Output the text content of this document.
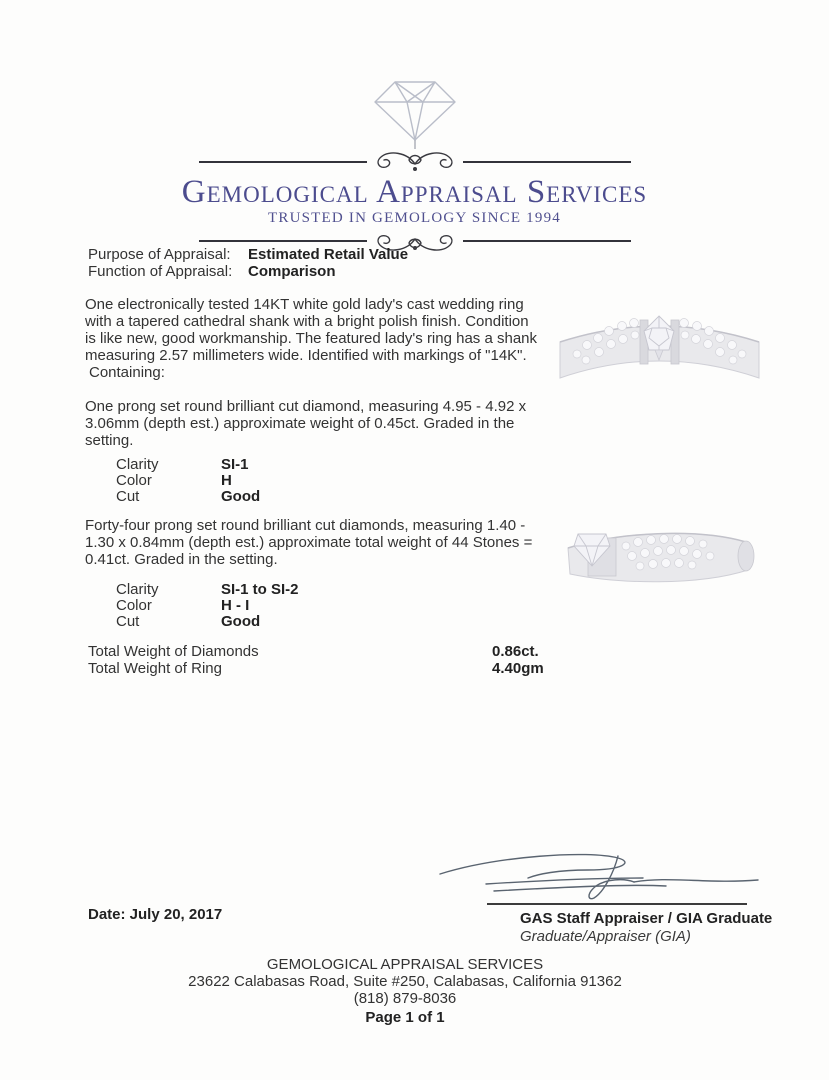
Gemological Appraisal Services
TRUSTED IN GEMOLOGY SINCE 1994
Purpose of Appraisal:	Estimated Retail Value
Function of Appraisal:	Comparison
One electronically tested 14KT white gold lady's cast wedding ring with a tapered cathedral shank with a bright polish finish. Condition is like new, good workmanship. The featured lady's ring has a shank measuring 2.57 millimeters wide. Identified with markings of "14K".
Containing:
One prong set round brilliant cut diamond, measuring 4.95 - 4.92 x 3.06mm (depth est.) approximate weight of 0.45ct. Graded in the setting.
Clarity	SI-1
Color	H
Cut	Good
Forty-four prong set round brilliant cut diamonds, measuring 1.40 - 1.30 x 0.84mm (depth est.) approximate total weight of 44 Stones = 0.41ct. Graded in the setting.
Clarity	SI-1 to SI-2
Color	H - I
Cut	Good
Total Weight of Diamonds	0.86ct.
Total Weight of Ring	4.40gm
Date: July 20, 2017	GAS Staff Appraiser / GIA Graduate
Graduate/Appraiser (GIA)
GEMOLOGICAL APPRAISAL SERVICES
23622 Calabasas Road, Suite #250, Calabasas, California 91362
(818) 879-8036
Page 1 of 1
